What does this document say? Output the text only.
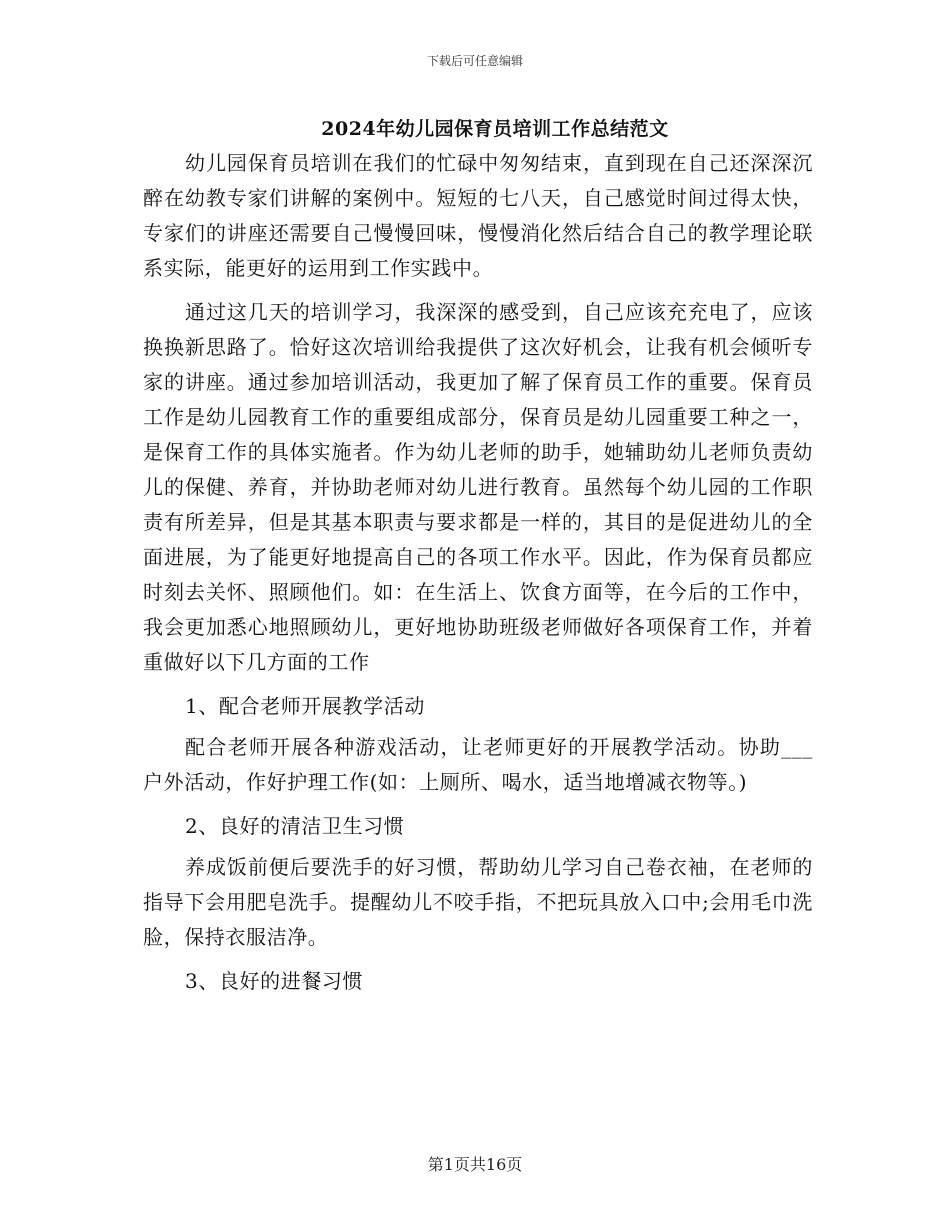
下载后可任意编辑
2024年幼儿园保育员培训工作总结范文

幼儿园保育员培训在我们的忙碌中匆匆结束，直到现在自己还深深沉醉在幼教专家们讲解的案例中。短短的七八天，自己感觉时间过得太快，专家们的讲座还需要自己慢慢回味，慢慢消化然后结合自己的教学理论联系实际，能更好的运用到工作实践中。

通过这几天的培训学习，我深深的感受到，自己应该充充电了，应该换换新思路了。恰好这次培训给我提供了这次好机会，让我有机会倾听专家的讲座。通过参加培训活动，我更加了解了保育员工作的重要。保育员工作是幼儿园教育工作的重要组成部分，保育员是幼儿园重要工种之一，是保育工作的具体实施者。作为幼儿老师的助手，她辅助幼儿老师负责幼儿的保健、养育，并协助老师对幼儿进行教育。虽然每个幼儿园的工作职责有所差异，但是其基本职责与要求都是一样的，其目的是促进幼儿的全面进展，为了能更好地提高自己的各项工作水平。因此，作为保育员都应时刻去关怀、照顾他们。如：在生活上、饮食方面等，在今后的工作中，我会更加悉心地照顾幼儿，更好地协助班级老师做好各项保育工作，并着重做好以下几方面的工作

1、配合老师开展教学活动

配合老师开展各种游戏活动，让老师更好的开展教学活动。协助___户外活动，作好护理工作(如：上厕所、喝水，适当地增减衣物等。)

2、良好的清洁卫生习惯

养成饭前便后要洗手的好习惯，帮助幼儿学习自己卷衣袖，在老师的指导下会用肥皂洗手。提醒幼儿不咬手指，不把玩具放入口中;会用毛巾洗脸，保持衣服洁净。

3、良好的进餐习惯

第1页共16页
